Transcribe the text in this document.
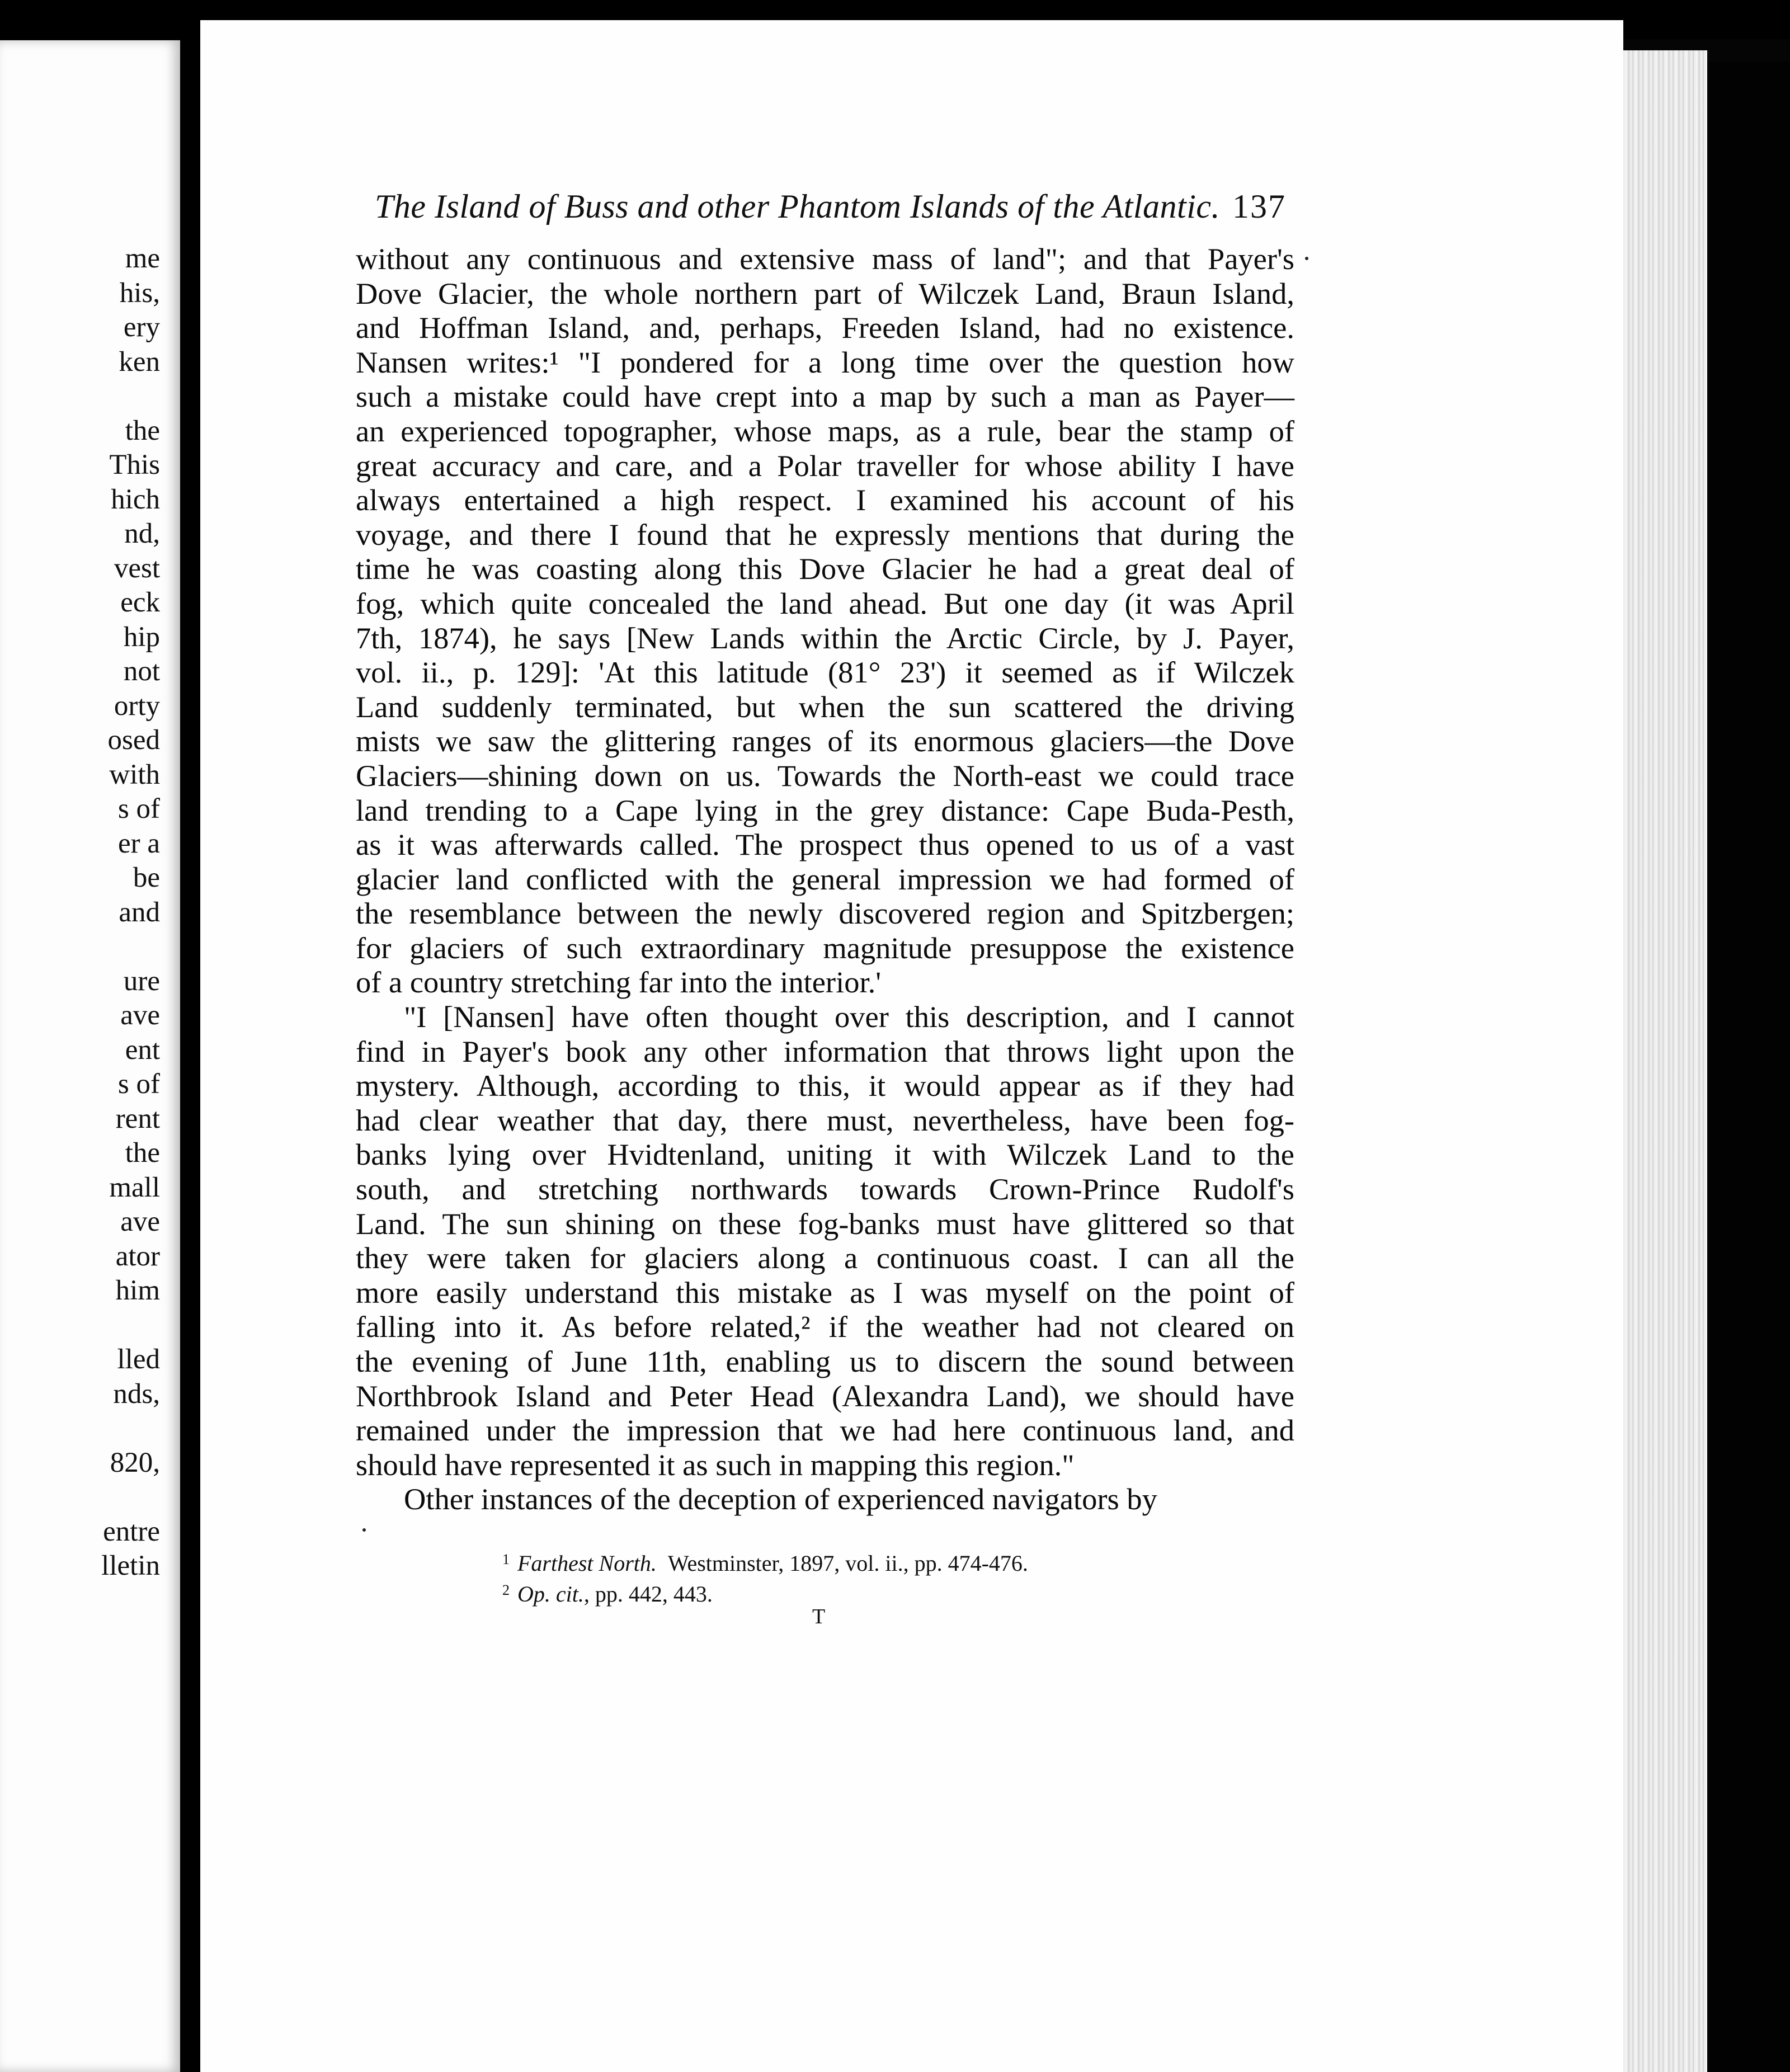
me

his,

ery

ken

the

This

hich

nd,

vest

eck

hip

not

orty

osed

with

s of

er a

be

and

ure

ave

ent

s of

rent

the

mall

ave

ator

him

lled

nds,

820,

entre

lletin

The Island of Buss and other Phantom Islands of the Atlantic. 137

without any continuous and extensive mass of land"; and that Payer's
Dove Glacier, the whole northern part of Wilczek Land, Braun Island,
and Hoffman Island, and, perhaps, Freeden Island, had no existence.
Nansen writes:¹ "I pondered for a long time over the question how
such a mistake could have crept into a map by such a man as Payer—
an experienced topographer, whose maps, as a rule, bear the stamp of
great accuracy and care, and a Polar traveller for whose ability I have
always entertained a high respect. I examined his account of his
voyage, and there I found that he expressly mentions that during the
time he was coasting along this Dove Glacier he had a great deal of
fog, which quite concealed the land ahead. But one day (it was April
7th, 1874), he says [New Lands within the Arctic Circle, by J. Payer,
vol. ii., p. 129]: 'At this latitude (81° 23') it seemed as if Wilczek
Land suddenly terminated, but when the sun scattered the driving
mists we saw the glittering ranges of its enormous glaciers—the Dove
Glaciers—shining down on us. Towards the North-east we could trace
land trending to a Cape lying in the grey distance: Cape Buda-Pesth,
as it was afterwards called. The prospect thus opened to us of a vast
glacier land conflicted with the general impression we had formed of
the resemblance between the newly discovered region and Spitzbergen;
for glaciers of such extraordinary magnitude presuppose the existence
of a country stretching far into the interior.'
"I [Nansen] have often thought over this description, and I cannot
find in Payer's book any other information that throws light upon the
mystery. Although, according to this, it would appear as if they had
had clear weather that day, there must, nevertheless, have been fog-
banks lying over Hvidtenland, uniting it with Wilczek Land to the
south, and stretching northwards towards Crown-Prince Rudolf's
Land. The sun shining on these fog-banks must have glittered so that
they were taken for glaciers along a continuous coast. I can all the
more easily understand this mistake as I was myself on the point of
falling into it. As before related,² if the weather had not cleared on
the evening of June 11th, enabling us to discern the sound between
Northbrook Island and Peter Head (Alexandra Land), we should have
remained under the impression that we had here continuous land, and
should have represented it as such in mapping this region."
Other instances of the deception of experienced navigators by
$^1$ Farthest North. Westminster, 1897, vol. ii., pp. 474-476.
$^2$ Op. cit., pp. 442, 443.

T
